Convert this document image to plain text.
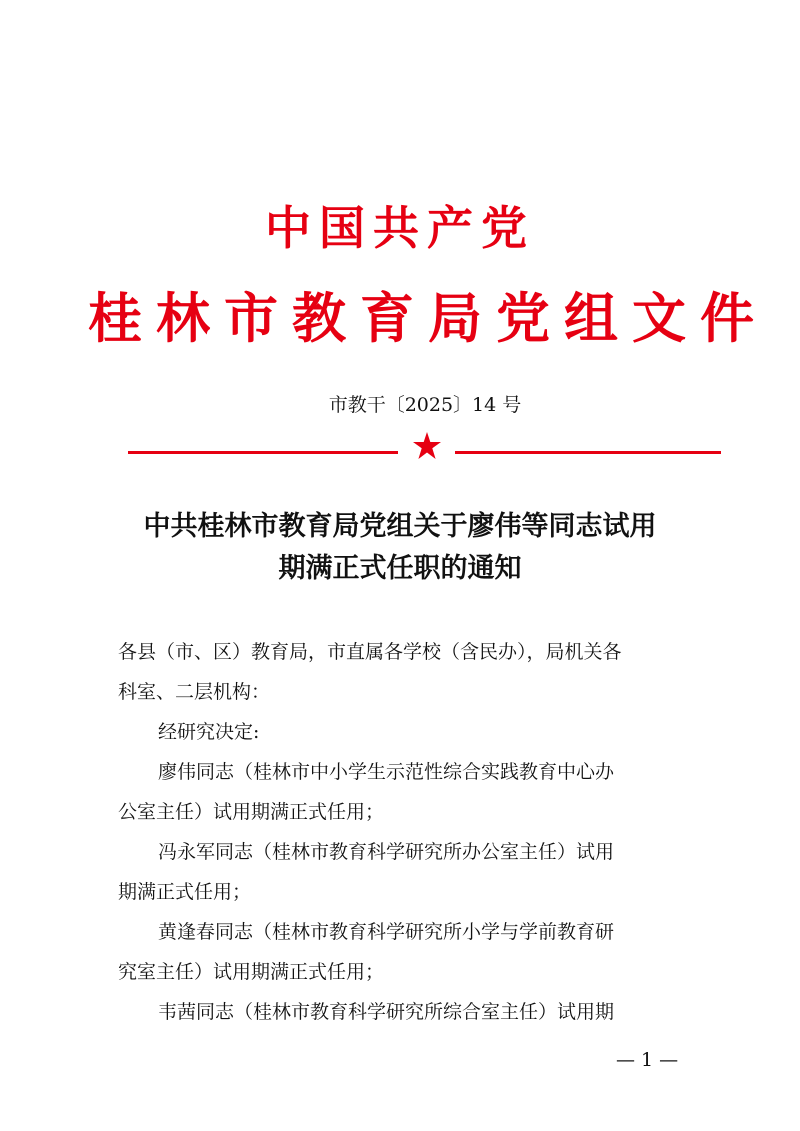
中国共产党
桂林市教育局党组文件
市教干〔2025〕14 号
中共桂林市教育局党组关于廖伟等同志试用
期满正式任职的通知
各县（市、区）教育局，市直属各学校（含民办），局机关各
科室、二层机构：
经研究决定:
廖伟同志（桂林市中小学生示范性综合实践教育中心办
公室主任）试用期满正式任用；
冯永军同志（桂林市教育科学研究所办公室主任）试用
期满正式任用；
黄逢春同志（桂林市教育科学研究所小学与学前教育研
究室主任）试用期满正式任用；
韦茜同志（桂林市教育科学研究所综合室主任）试用期
— 1 —
